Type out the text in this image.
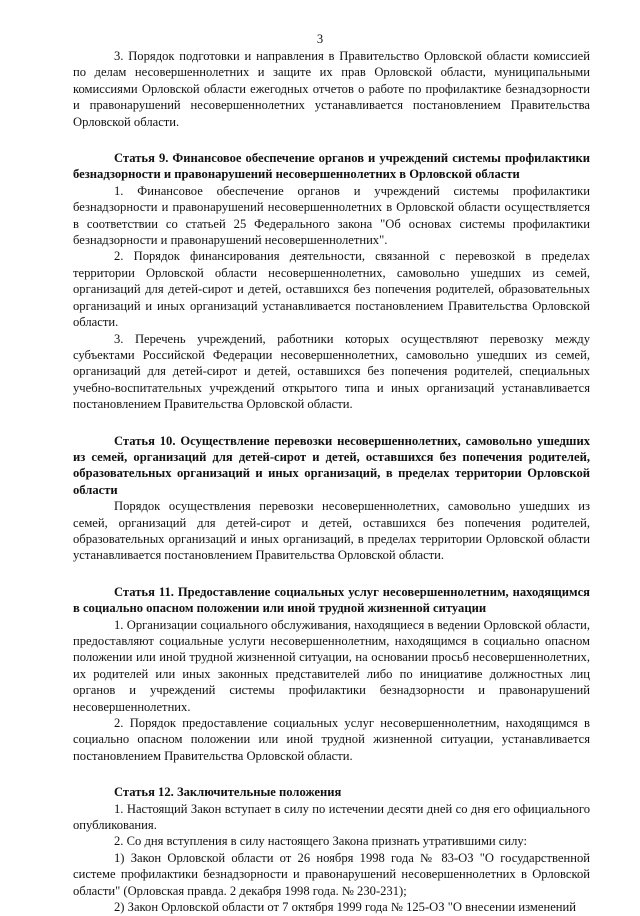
3

3. Порядок подготовки и направления в Правительство Орловской области комиссией по делам несовершеннолетних и защите их прав Орловской области, муниципальными комиссиями Орловской области ежегодных отчетов о работе по профилактике безнадзорности и правонарушений несовершеннолетних устанавливается постановлением Правительства Орловской области.

Статья 9. Финансовое обеспечение органов и учреждений системы профилактики безнадзорности и правонарушений несовершеннолетних в Орловской области

1. Финансовое обеспечение органов и учреждений системы профилактики безнадзорности и правонарушений несовершеннолетних в Орловской области осуществляется в соответствии со статьей 25 Федерального закона "Об основах системы профилактики безнадзорности и правонарушений несовершеннолетних".

2. Порядок финансирования деятельности, связанной с перевозкой в пределах территории Орловской области несовершеннолетних, самовольно ушедших из семей, организаций для детей-сирот и детей, оставшихся без попечения родителей, образовательных организаций и иных организаций устанавливается постановлением Правительства Орловской области.

3. Перечень учреждений, работники которых осуществляют перевозку между субъектами Российской Федерации несовершеннолетних, самовольно ушедших из семей, организаций для детей-сирот и детей, оставшихся без попечения родителей, специальных учебно-воспитательных учреждений открытого типа и иных организаций устанавливается постановлением Правительства Орловской области.

Статья 10. Осуществление перевозки несовершеннолетних, самовольно ушедших из семей, организаций для детей-сирот и детей, оставшихся без попечения родителей, образовательных организаций и иных организаций, в пределах территории Орловской области

Порядок осуществления перевозки несовершеннолетних, самовольно ушедших из семей, организаций для детей-сирот и детей, оставшихся без попечения родителей, образовательных организаций и иных организаций, в пределах территории Орловской области устанавливается постановлением Правительства Орловской области.

Статья 11. Предоставление социальных услуг несовершеннолетним, находящимся в социально опасном положении или иной трудной жизненной ситуации

1. Организации социального обслуживания, находящиеся в ведении Орловской области, предоставляют социальные услуги несовершеннолетним, находящимся в социально опасном положении или иной трудной жизненной ситуации, на основании просьб несовершеннолетних, их родителей или иных законных представителей либо по инициативе должностных лиц органов и учреждений системы профилактики безнадзорности и правонарушений несовершеннолетних.

2. Порядок предоставление социальных услуг несовершеннолетним, находящимся в социально опасном положении или иной трудной жизненной ситуации, устанавливается постановлением Правительства Орловской области.

Статья 12. Заключительные положения

1. Настоящий Закон вступает в силу по истечении десяти дней со дня его официального опубликования.

2. Со дня вступления в силу настоящего Закона признать утратившими силу:

1) Закон Орловской области от 26 ноября 1998 года № 83-ОЗ "О государственной системе профилактики безнадзорности и правонарушений несовершеннолетних в Орловской области" (Орловская правда. 2 декабря 1998 года. № 230-231);

2) Закон Орловской области от 7 октября 1999 года № 125-ОЗ "О внесении изменений
